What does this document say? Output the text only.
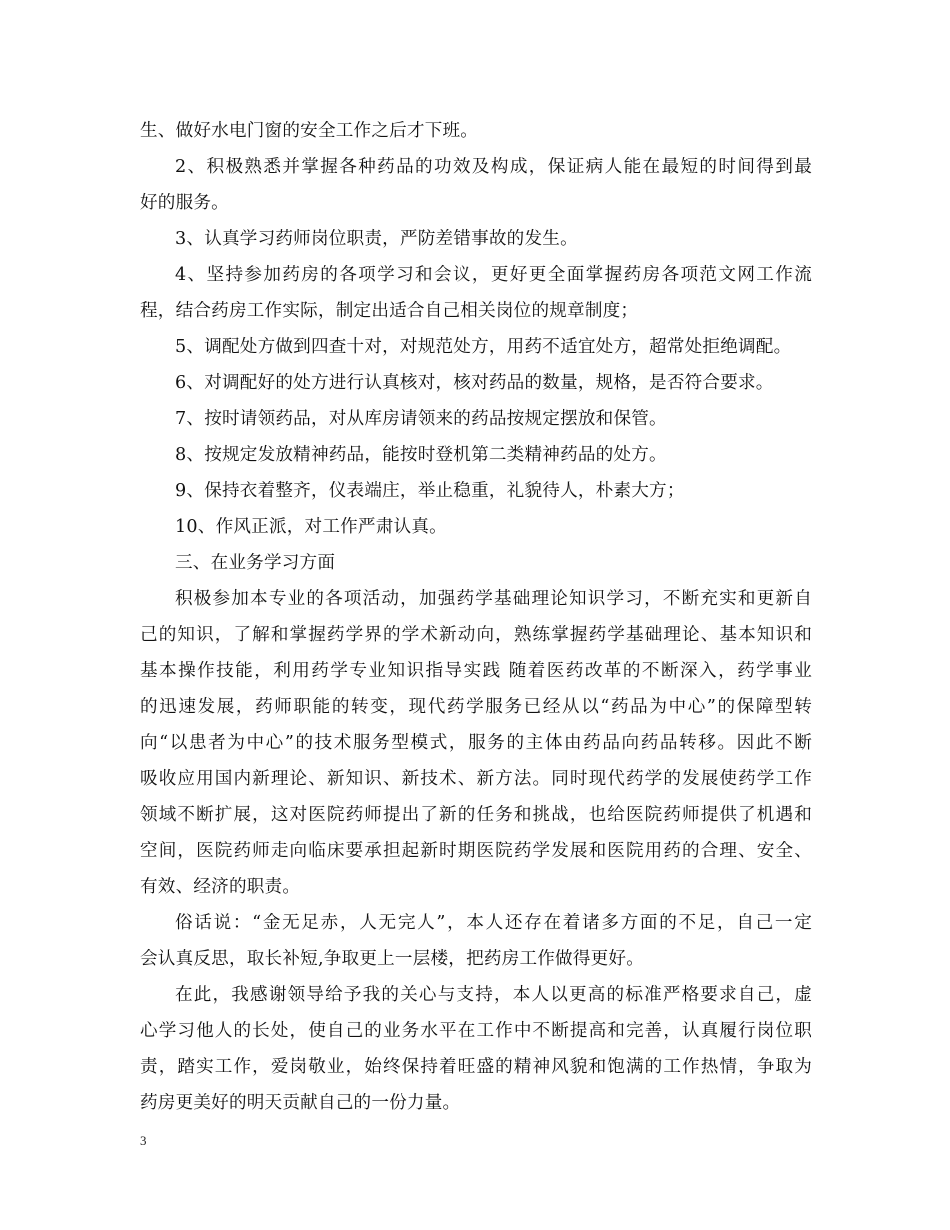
生、做好水电门窗的安全工作之后才下班。
2、积极熟悉并掌握各种药品的功效及构成，保证病人能在最短的时间得到最
好的服务。
3、认真学习药师岗位职责，严防差错事故的发生。
4、坚持参加药房的各项学习和会议，更好更全面掌握药房各项范文网工作流
程，结合药房工作实际，制定出适合自己相关岗位的规章制度；
5、调配处方做到四查十对，对规范处方，用药不适宜处方，超常处拒绝调配。
6、对调配好的处方进行认真核对，核对药品的数量，规格，是否符合要求。
7、按时请领药品，对从库房请领来的药品按规定摆放和保管。
8、按规定发放精神药品，能按时登机第二类精神药品的处方。
9、保持衣着整齐，仪表端庄，举止稳重，礼貌待人，朴素大方；
10、作风正派，对工作严肃认真。
三、在业务学习方面
积极参加本专业的各项活动，加强药学基础理论知识学习，不断充实和更新自
己的知识，了解和掌握药学界的学术新动向，熟练掌握药学基础理论、基本知识和
基本操作技能，利用药学专业知识指导实践 随着医药改革的不断深入，药学事业
的迅速发展，药师职能的转变，现代药学服务已经从以“药品为中心”的保障型转
向“以患者为中心”的技术服务型模式，服务的主体由药品向药品转移。因此不断
吸收应用国内新理论、新知识、新技术、新方法。同时现代药学的发展使药学工作
领域不断扩展，这对医院药师提出了新的任务和挑战，也给医院药师提供了机遇和
空间，医院药师走向临床要承担起新时期医院药学发展和医院用药的合理、安全、
有效、经济的职责。
俗话说：“金无足赤，人无完人”，本人还存在着诸多方面的不足，自己一定
会认真反思，取长补短,争取更上一层楼，把药房工作做得更好。
在此，我感谢领导给予我的关心与支持，本人以更高的标准严格要求自己，虚
心学习他人的长处，使自己的业务水平在工作中不断提高和完善，认真履行岗位职
责，踏实工作，爱岗敬业，始终保持着旺盛的精神风貌和饱满的工作热情，争取为
药房更美好的明天贡献自己的一份力量。
3
